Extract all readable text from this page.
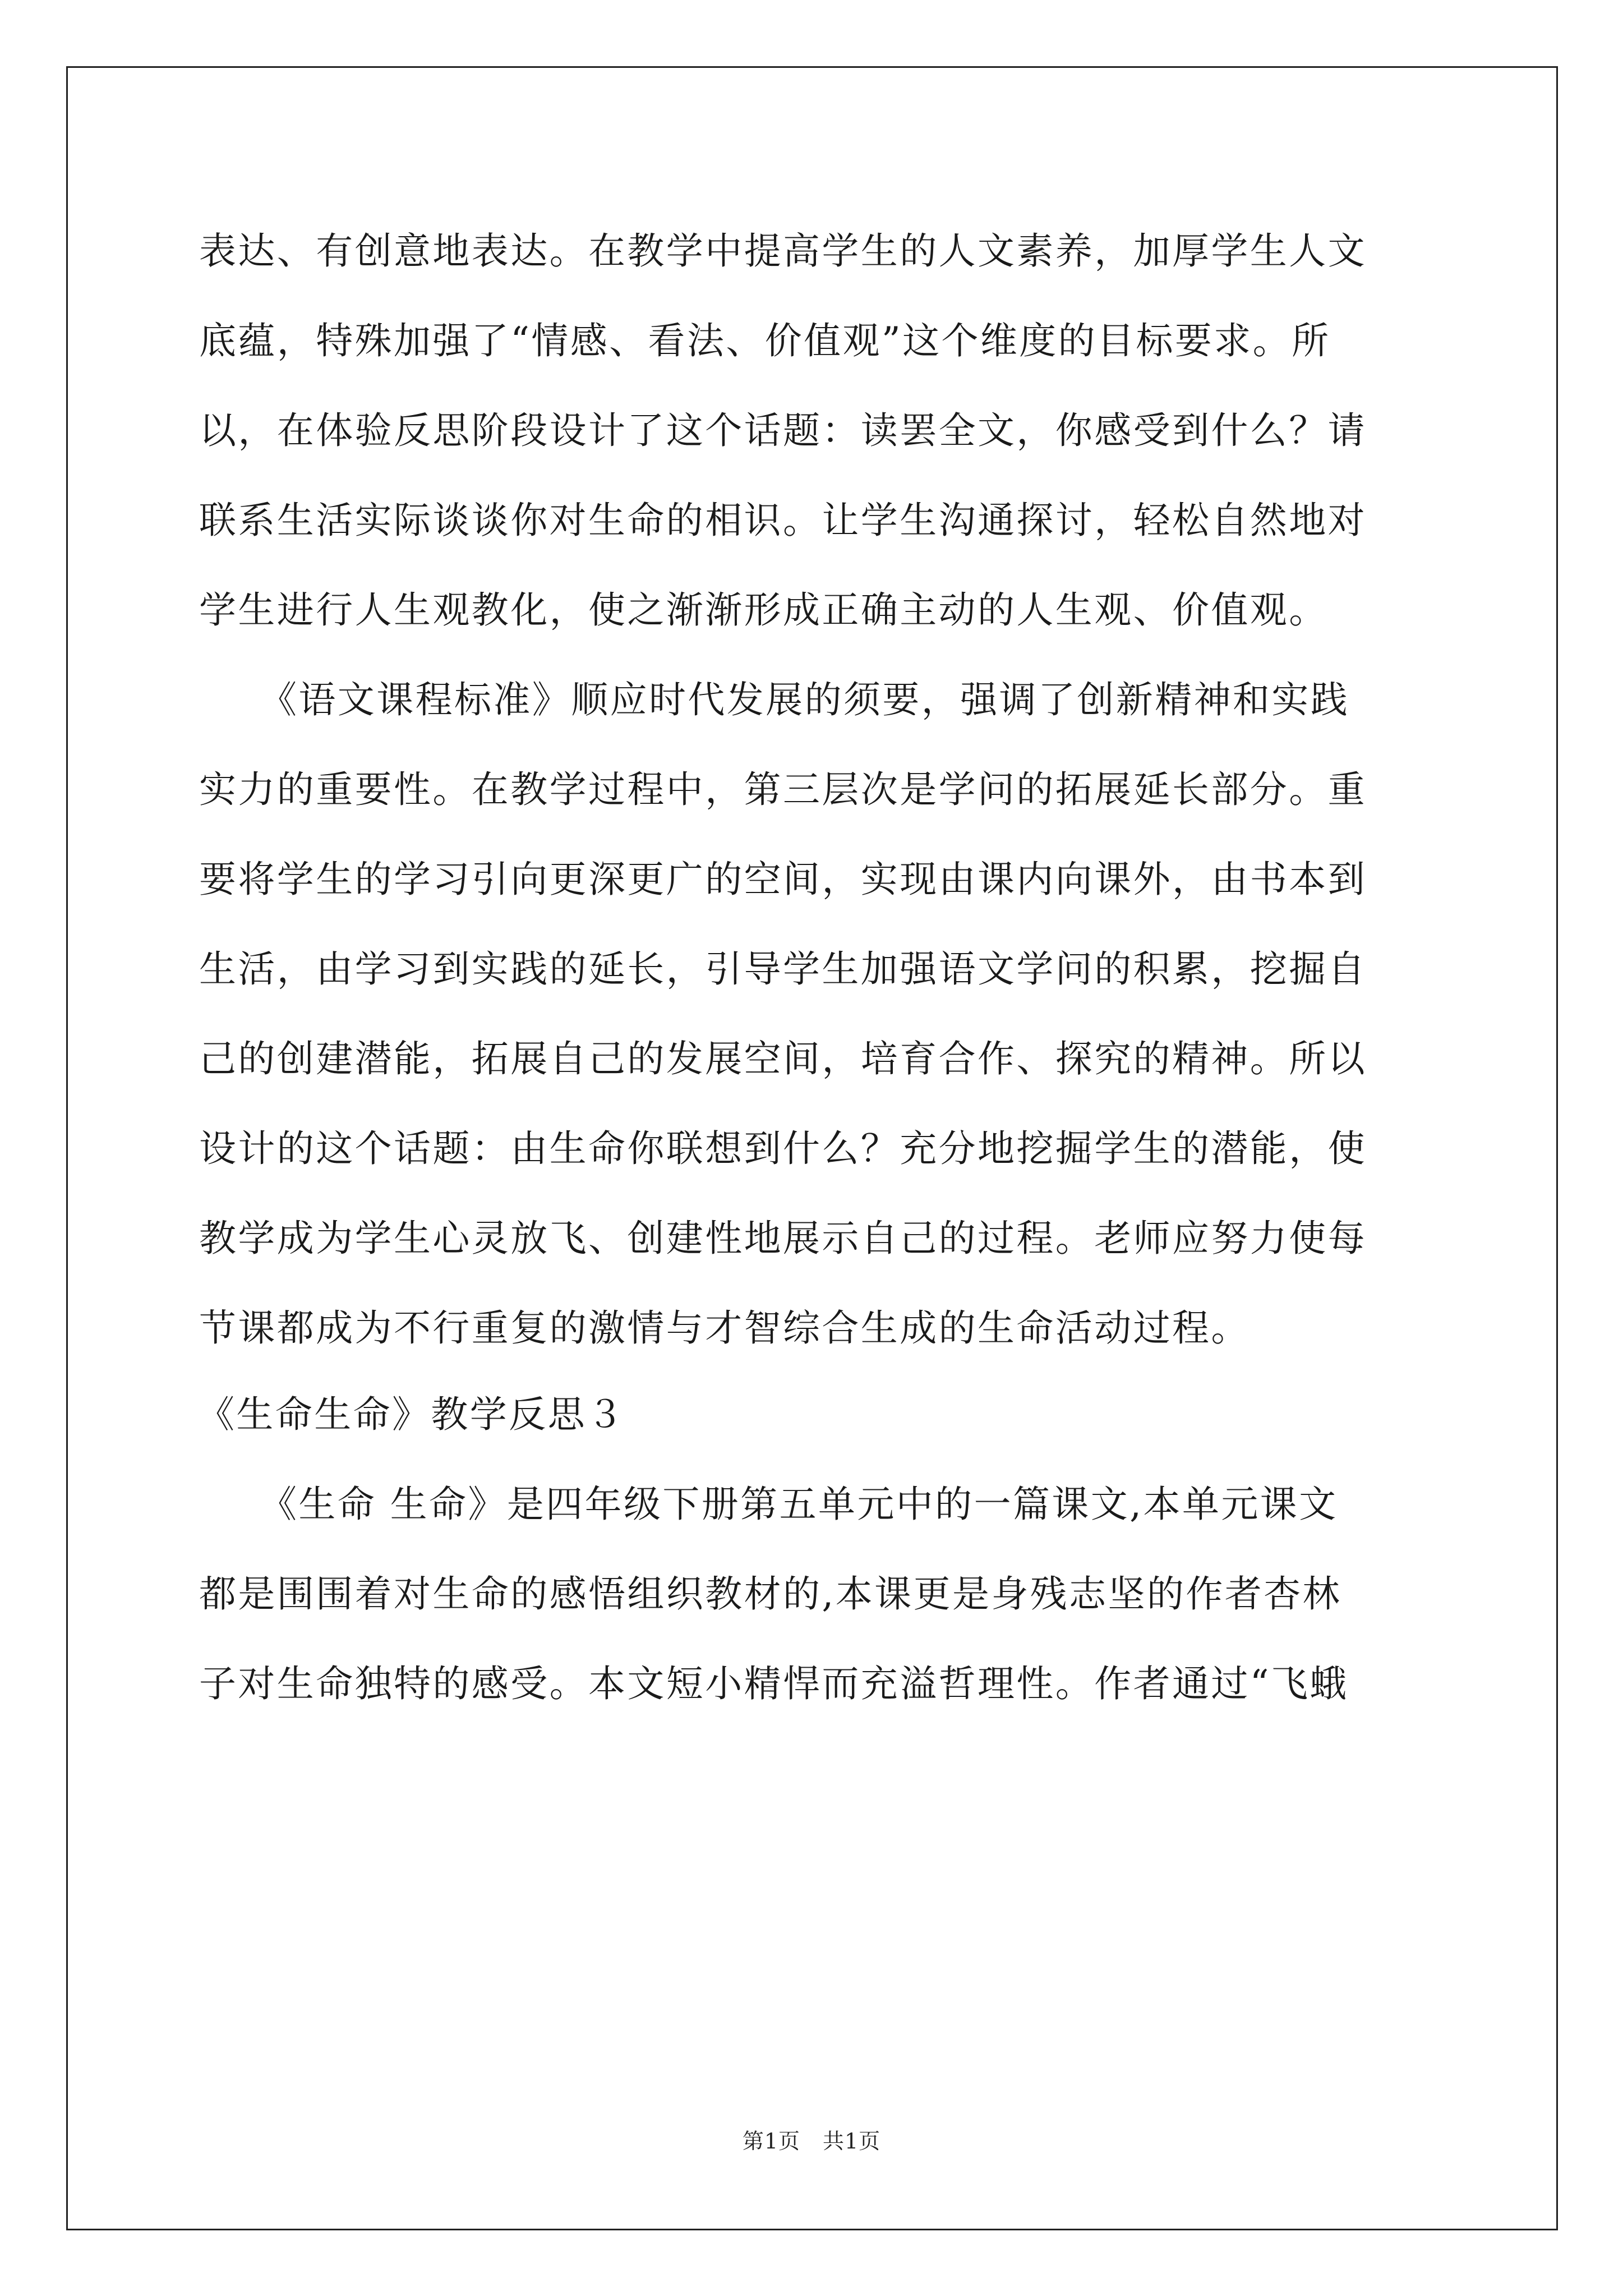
表达、有创意地表达。在教学中提高学生的人文素养，加厚学生人文
底蕴，特殊加强了“情感、看法、价值观”这个维度的目标要求。所
以，在体验反思阶段设计了这个话题：读罢全文，你感受到什么？请
联系生活实际谈谈你对生命的相识。让学生沟通探讨，轻松自然地对
学生进行人生观教化，使之渐渐形成正确主动的人生观、价值观。
《语文课程标准》顺应时代发展的须要，强调了创新精神和实践
实力的重要性。在教学过程中，第三层次是学问的拓展延长部分。重
要将学生的学习引向更深更广的空间，实现由课内向课外，由书本到
生活，由学习到实践的延长，引导学生加强语文学问的积累，挖掘自
己的创建潜能，拓展自己的发展空间，培育合作、探究的精神。所以
设计的这个话题：由生命你联想到什么？充分地挖掘学生的潜能，使
教学成为学生心灵放飞、创建性地展示自己的过程。老师应努力使每
节课都成为不行重复的激情与才智综合生成的生命活动过程。
《生命生命》教学反思３
《生命 生命》是四年级下册第五单元中的一篇课文,本单元课文
都是围围着对生命的感悟组织教材的,本课更是身残志坚的作者杏林
子对生命独特的感受。本文短小精悍而充溢哲理性。作者通过“飞蛾
第1页 共1页
